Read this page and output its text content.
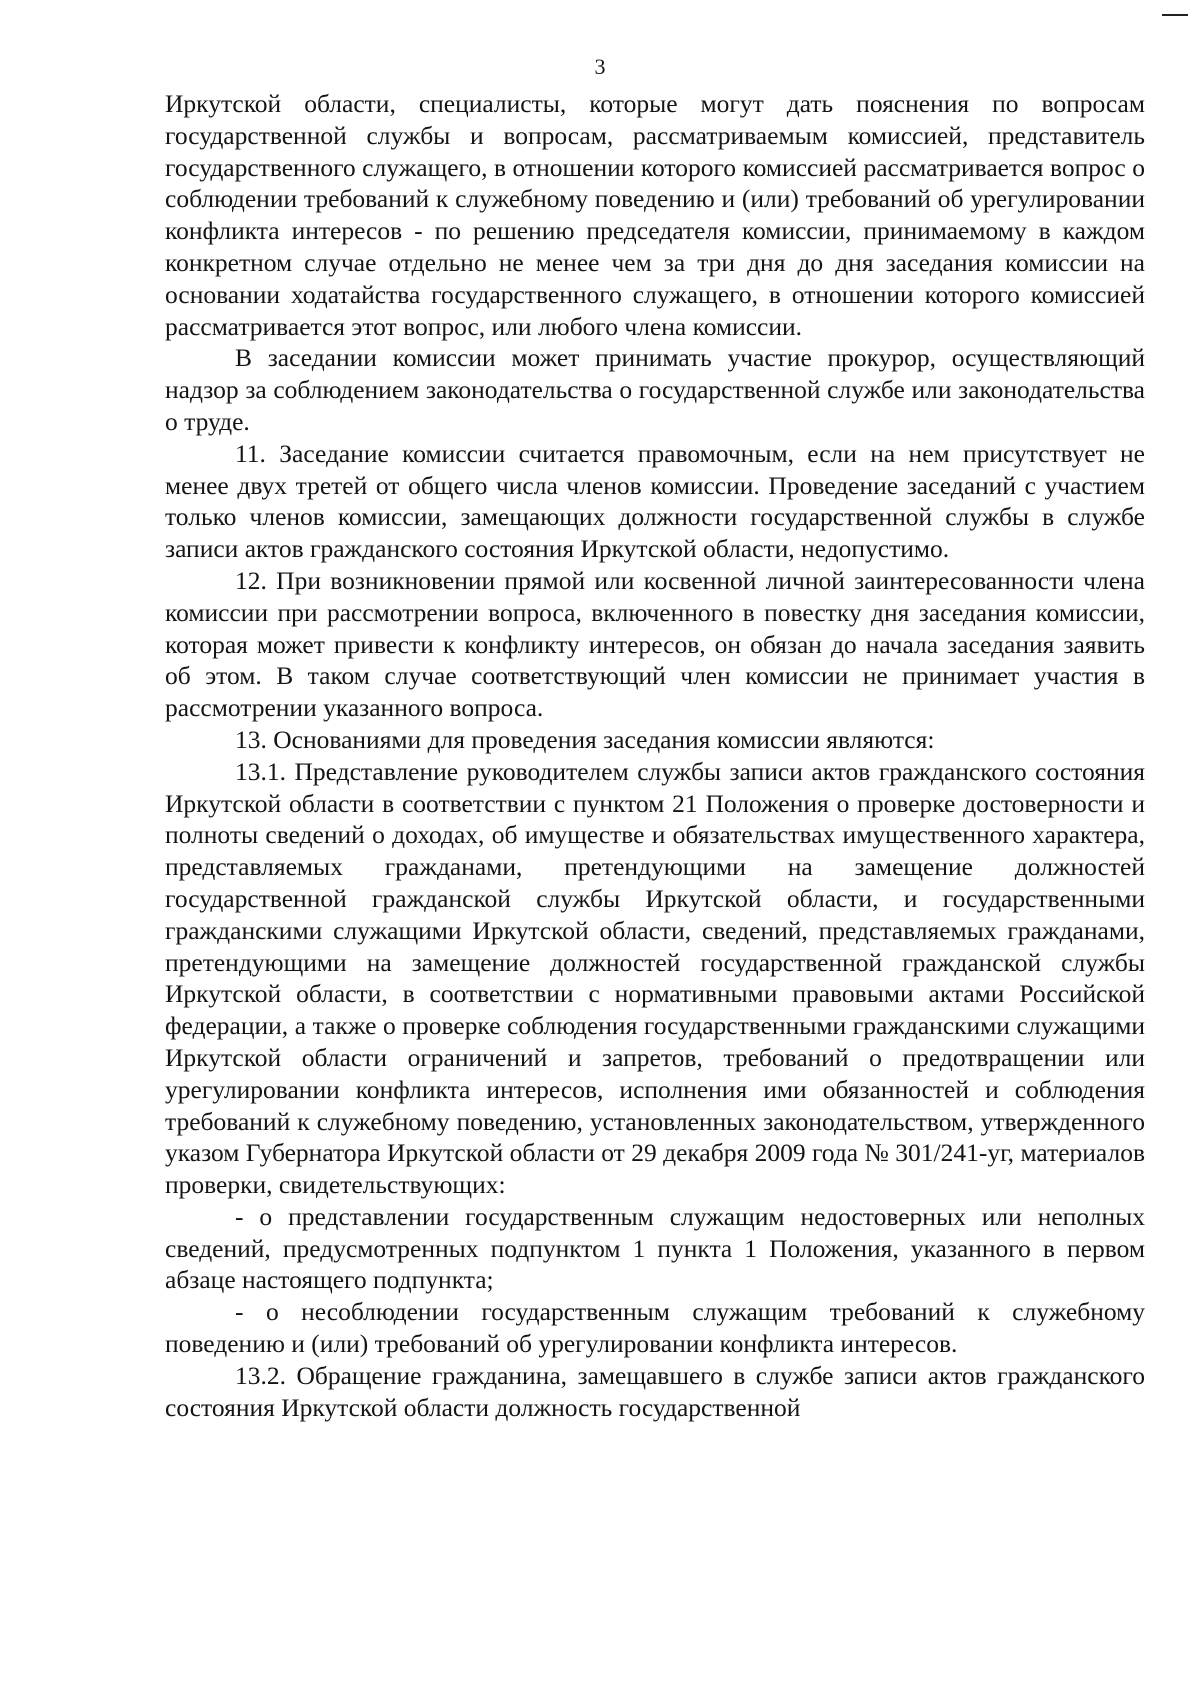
3

Иркутской области, специалисты, которые могут дать пояснения по вопросам государственной службы и вопросам, рассматриваемым комиссией, представитель государственного служащего, в отношении которого комиссией рассматривается вопрос о соблюдении требований к служебному поведению и (или) требований об урегулировании конфликта интересов - по решению председателя комиссии, принимаемому в каждом конкретном случае отдельно не менее чем за три дня до дня заседания комиссии на основании ходатайства государственного служащего, в отношении которого комиссией рассматривается этот вопрос, или любого члена комиссии.

В заседании комиссии может принимать участие прокурор, осуществляющий надзор за соблюдением законодательства о государственной службе или законодательства о труде.

11. Заседание комиссии считается правомочным, если на нем присутствует не менее двух третей от общего числа членов комиссии. Проведение заседаний с участием только членов комиссии, замещающих должности государственной службы в службе записи актов гражданского состояния Иркутской области, недопустимо.

12. При возникновении прямой или косвенной личной заинтересованности члена комиссии при рассмотрении вопроса, включенного в повестку дня заседания комиссии, которая может привести к конфликту интересов, он обязан до начала заседания заявить об этом. В таком случае соответствующий член комиссии не принимает участия в рассмотрении указанного вопроса.

13. Основаниями для проведения заседания комиссии являются:

13.1. Представление руководителем службы записи актов гражданского состояния Иркутской области в соответствии с пунктом 21 Положения о проверке достоверности и полноты сведений о доходах, об имуществе и обязательствах имущественного характера, представляемых гражданами, претендующими на замещение должностей государственной гражданской службы Иркутской области, и государственными гражданскими служащими Иркутской области, сведений, представляемых гражданами, претендующими на замещение должностей государственной гражданской службы Иркутской области, в соответствии с нормативными правовыми актами Российской федерации, а также о проверке соблюдения государственными гражданскими служащими Иркутской области ограничений и запретов, требований о предотвращении или урегулировании конфликта интересов, исполнения ими обязанностей и соблюдения требований к служебному поведению, установленных законодательством, утвержденного указом Губернатора Иркутской области от 29 декабря 2009 года № 301/241-уг, материалов проверки, свидетельствующих:

- о представлении государственным служащим недостоверных или неполных сведений, предусмотренных подпунктом 1 пункта 1 Положения, указанного в первом абзаце настоящего подпункта;

- о несоблюдении государственным служащим требований к служебному поведению и (или) требований об урегулировании конфликта интересов.

13.2. Обращение гражданина, замещавшего в службе записи актов гражданского состояния Иркутской области должность государственной
